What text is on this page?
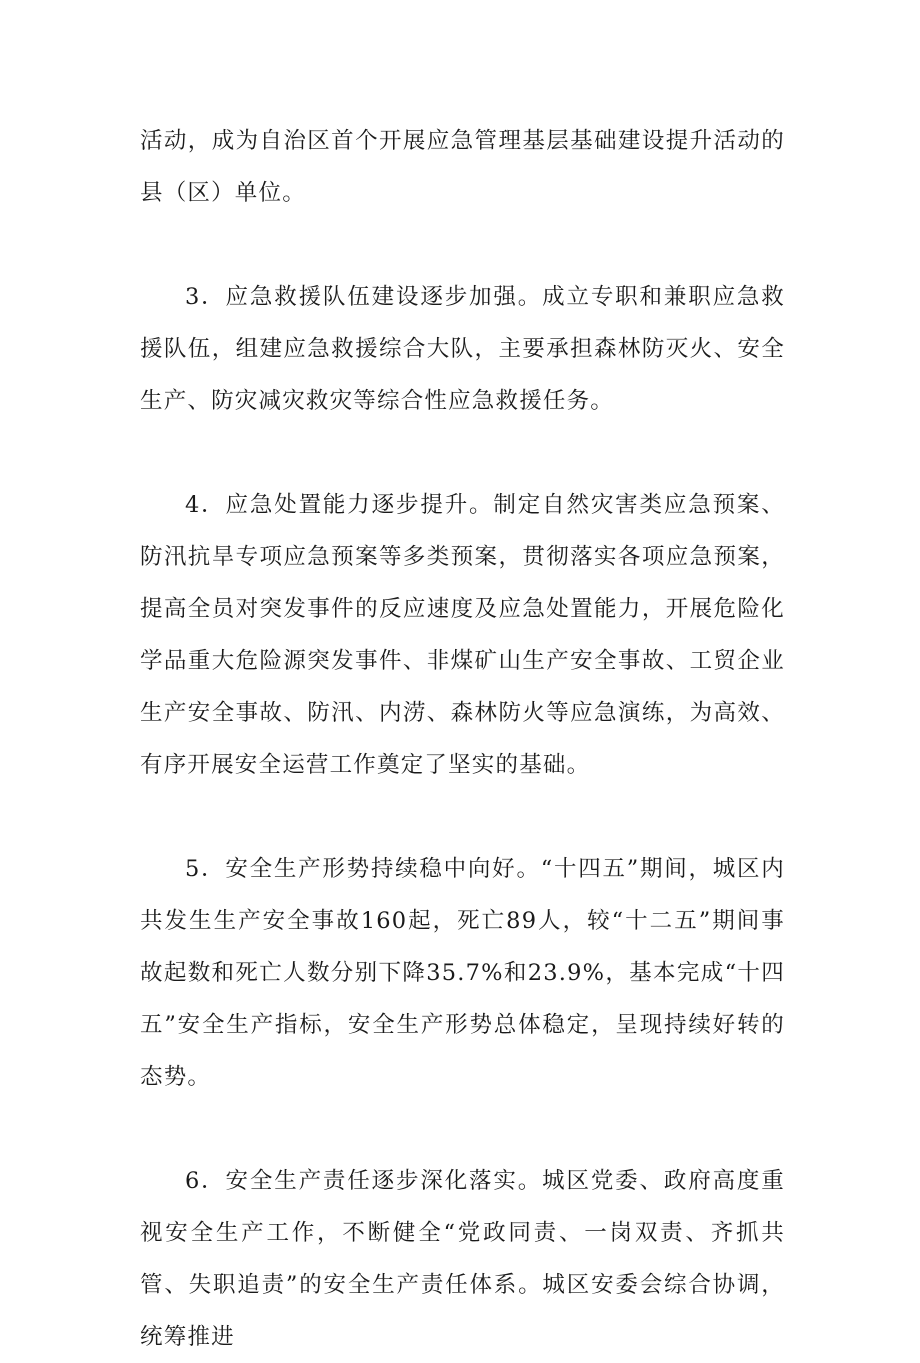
活动，成为自治区首个开展应急管理基层基础建设提升活动的县（区）单位。

3．应急救援队伍建设逐步加强。成立专职和兼职应急救援队伍，组建应急救援综合大队，主要承担森林防灭火、安全生产、防灾减灾救灾等综合性应急救援任务。

4．应急处置能力逐步提升。制定自然灾害类应急预案、防汛抗旱专项应急预案等多类预案，贯彻落实各项应急预案，提高全员对突发事件的反应速度及应急处置能力，开展危险化学品重大危险源突发事件、非煤矿山生产安全事故、工贸企业生产安全事故、防汛、内涝、森林防火等应急演练，为高效、有序开展安全运营工作奠定了坚实的基础。

5．安全生产形势持续稳中向好。“十四五”期间，城区内共发生生产安全事故160起，死亡89人，较“十二五”期间事故起数和死亡人数分别下降35.7%和23.9%，基本完成“十四五”安全生产指标，安全生产形势总体稳定，呈现持续好转的态势。

6．安全生产责任逐步深化落实。城区党委、政府高度重视安全生产工作，不断健全“党政同责、一岗双责、齐抓共管、失职追责”的安全生产责任体系。城区安委会综合协调，统筹推进
